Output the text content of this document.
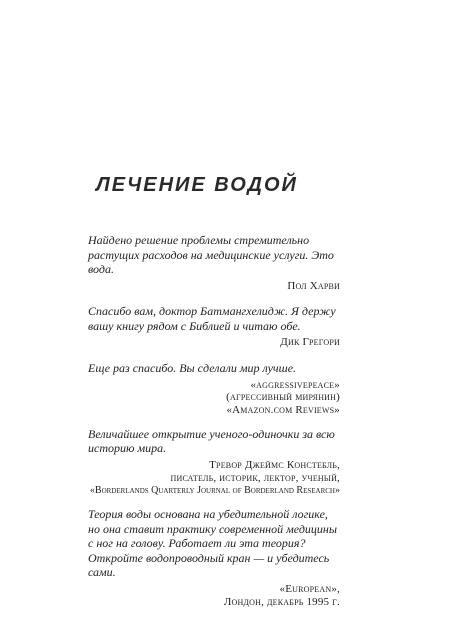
ЛЕЧЕНИЕ ВОДОЙ

Найдено решение проблемы стремительно растущих расходов на медицинские услуги. Это вода.

Пол Харви

Спасибо вам, доктор Батмангхелидж. Я держу вашу книгу рядом с Библией и читаю обе.

Дик Грегори

Еще раз спасибо. Вы сделали мир лучше.

«aggressivepeace»

(агрессивный мирянин)

«Amazon.com Reviews»

Величайшее открытие ученого-одиночки за всю историю мира.

Тревор Джеймс Констебль,

писатель, историк, лектор, ученый,

«Borderlands Quarterly Journal of Borderland Research»

Теория воды основана на убедительной логике, но она ставит практику современной медицины с ног на голову. Работает ли эта теория? Откройте водопроводный кран — и убедитесь сами.

«European»,

Лондон, декабрь 1995 г.
